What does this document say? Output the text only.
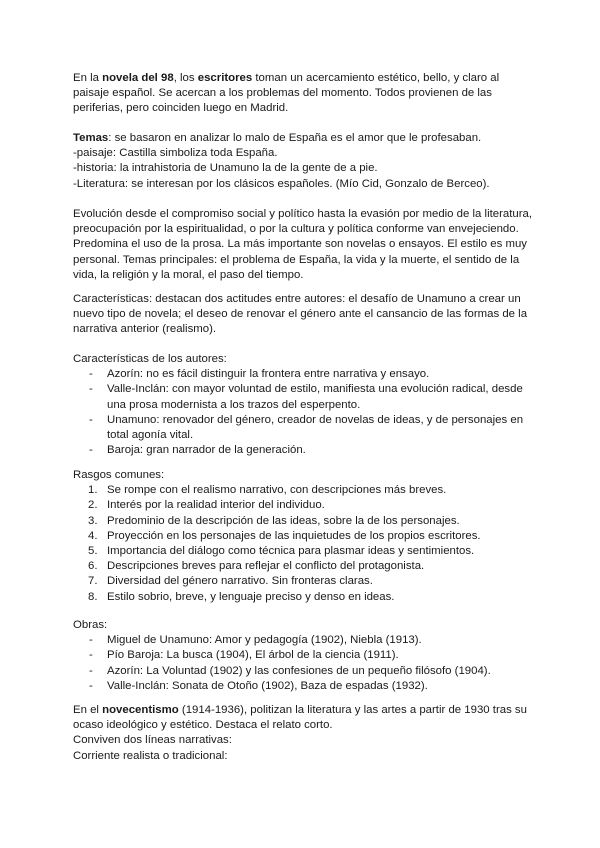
En la novela del 98, los escritores toman un acercamiento estético, bello, y claro al paisaje español. Se acercan a los problemas del momento. Todos provienen de las periferias, pero coinciden luego en Madrid.

Temas: se basaron en analizar lo malo de España es el amor que le profesaban.

-paisaje: Castilla simboliza toda España.

-historia: la intrahistoria de Unamuno la de la gente de a pie.

-Literatura: se interesan por los clásicos españoles. (Mío Cid, Gonzalo de Berceo).

Evolución desde el compromiso social y político hasta la evasión por medio de la literatura, preocupación por la espiritualidad, o por la cultura y política conforme van envejeciendo. Predomina el uso de la prosa. La más importante son novelas o ensayos. El estilo es muy personal. Temas principales: el problema de España, la vida y la muerte, el sentido de la vida, la religión y la moral, el paso del tiempo.

Características: destacan dos actitudes entre autores: el desafío de Unamuno a crear un nuevo tipo de novela; el deseo de renovar el género ante el cansancio de las formas de la narrativa anterior (realismo).

Características de los autores:

- Azorín: no es fácil distinguir la frontera entre narrativa y ensayo.
- Valle-Inclán: con mayor voluntad de estilo, manifiesta una evolución radical, desde una prosa modernista a los trazos del esperpento.
- Unamuno: renovador del género, creador de novelas de ideas, y de personajes en total agonía vital.
- Baroja: gran narrador de la generación.

Rasgos comunes:

1. Se rompe con el realismo narrativo, con descripciones más breves.
2. Interés por la realidad interior del individuo.
3. Predominio de la descripción de las ideas, sobre la de los personajes.
4. Proyección en los personajes de las inquietudes de los propios escritores.
5. Importancia del diálogo como técnica para plasmar ideas y sentimientos.
6. Descripciones breves para reflejar el conflicto del protagonista.
7. Diversidad del género narrativo. Sin fronteras claras.
8. Estilo sobrio, breve, y lenguaje preciso y denso en ideas.

Obras:

- Miguel de Unamuno: Amor y pedagogía (1902), Niebla (1913).
- Pío Baroja: La busca (1904), El árbol de la ciencia (1911).
- Azorín: La Voluntad (1902) y las confesiones de un pequeño filósofo (1904).
- Valle-Inclán: Sonata de Otoño (1902), Baza de espadas (1932).

En el novecentismo (1914-1936), politizan la literatura y las artes a partir de 1930 tras su ocaso ideológico y estético. Destaca el relato corto.

Conviven dos líneas narrativas:

Corriente realista o tradicional:
